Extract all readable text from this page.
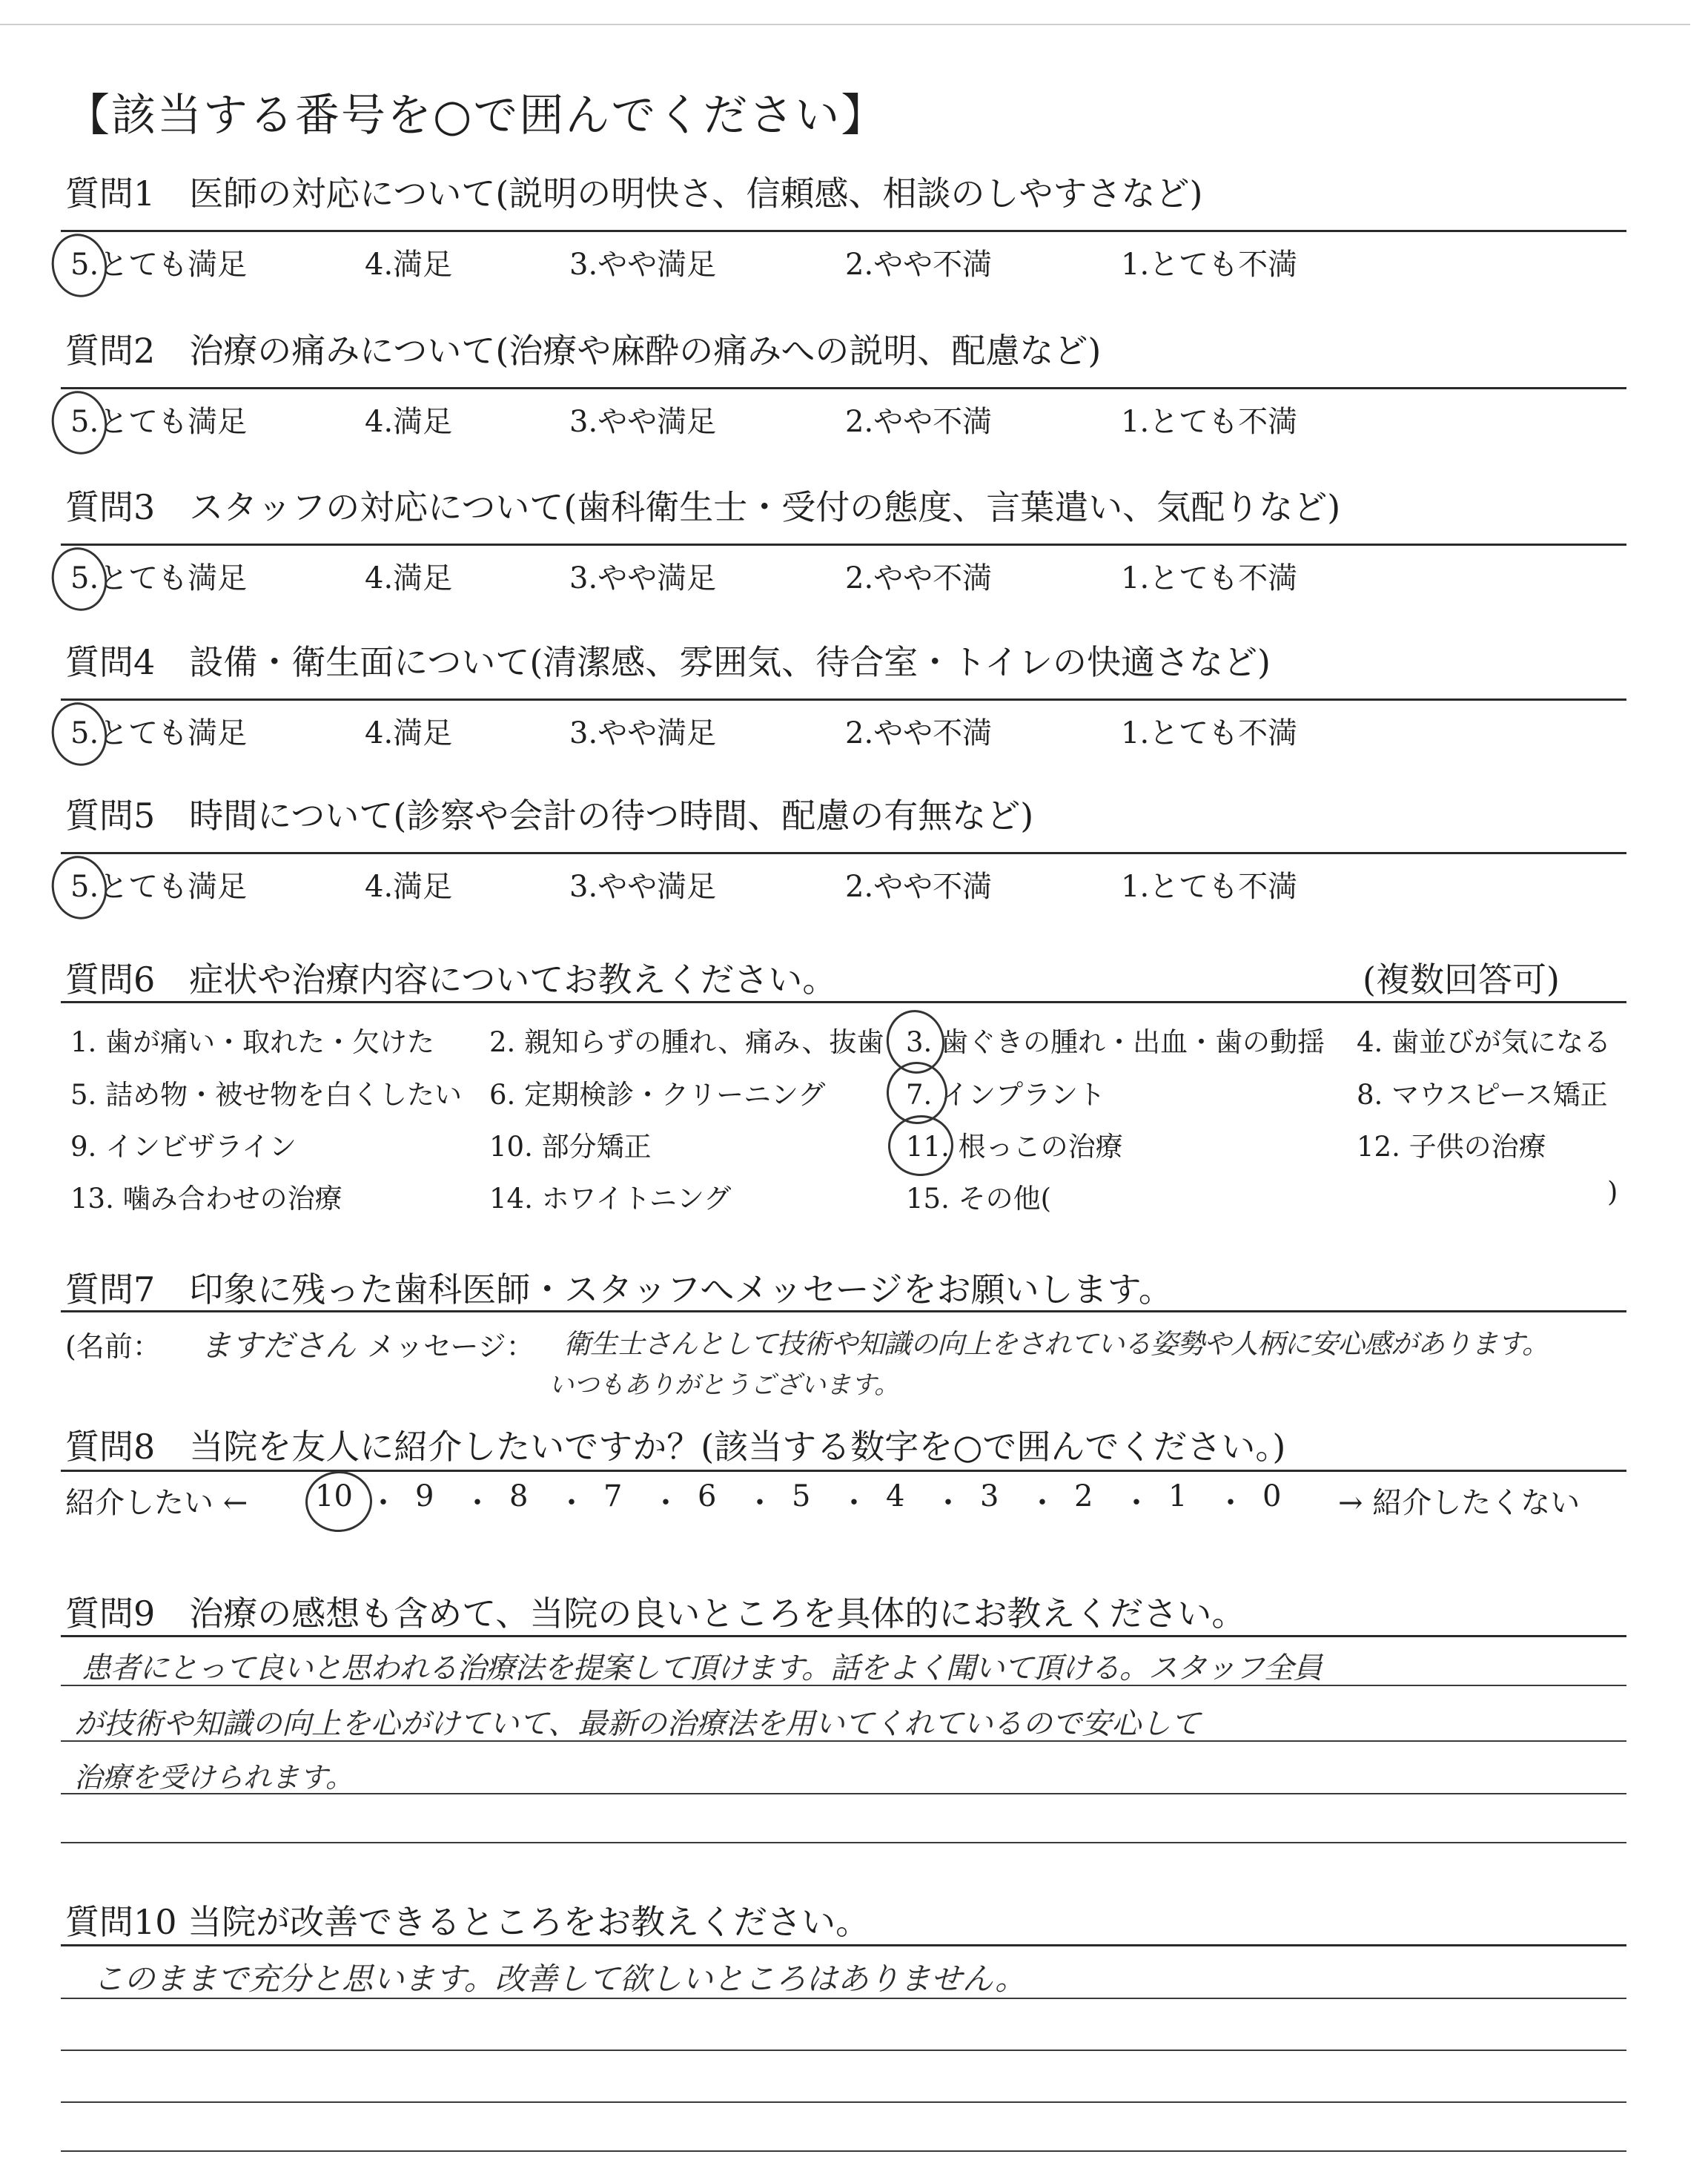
【該当する番号を○で囲んでください】
質問1　医師の対応について(説明の明快さ、信頼感、相談のしやすさなど)
5.とても満足	4.満足	3.やや満足	2.やや不満	1.とても不満
質問2　治療の痛みについて(治療や麻酔の痛みへの説明、配慮など)
5.とても満足	4.満足	3.やや満足	2.やや不満	1.とても不満
質問3　スタッフの対応について(歯科衛生士・受付の態度、言葉遣い、気配りなど)
5.とても満足	4.満足	3.やや満足	2.やや不満	1.とても不満
質問4　設備・衛生面について(清潔感、雰囲気、待合室・トイレの快適さなど)
5.とても満足	4.満足	3.やや満足	2.やや不満	1.とても不満
質問5　時間について(診察や会計の待つ時間、配慮の有無など)
5.とても満足	4.満足	3.やや満足	2.やや不満	1.とても不満
質問6　症状や治療内容についてお教えください。	(複数回答可)
1. 歯が痛い・取れた・欠けた 2. 親知らずの腫れ、痛み、抜歯 3. 歯ぐきの腫れ・出血・歯の動揺 4. 歯並びが気になる
5. 詰め物・被せ物を白くしたい 6. 定期検診・クリーニング	7. インプラント	8. マウスピース矯正
9. インビザライン	10. 部分矯正	11. 根っこの治療	12. 子供の治療
13. 噛み合わせの治療	14. ホワイトニング	15. その他(	)
質問7　印象に残った歯科医師・スタッフへメッセージをお願いします。
(名前： ますださん メッセージ： 衛生士さんとして技術や知識の向上をされている姿勢や人柄に安心感があります。
いつもありがとうございます。
質問8　当院を友人に紹介したいですか？(該当する数字を○で囲んでください。)
紹介したい ← 10 ・ 9 ・ 8 ・ 7 ・ 6 ・ 5 ・ 4 ・ 3 ・ 2 ・ 1 ・ 0 → 紹介したくない
質問9　治療の感想も含めて、当院の良いところを具体的にお教えください。
患者にとって良いと思われる治療法を提案して頂けます。話をよく聞いて頂ける。スタッフ全員
が技術や知識の向上を心がけていて、最新の治療法を用いてくれているので安心して
治療を受けられます。
質問10 当院が改善できるところをお教えください。
このままで充分と思います。改善して欲しいところはありません。
